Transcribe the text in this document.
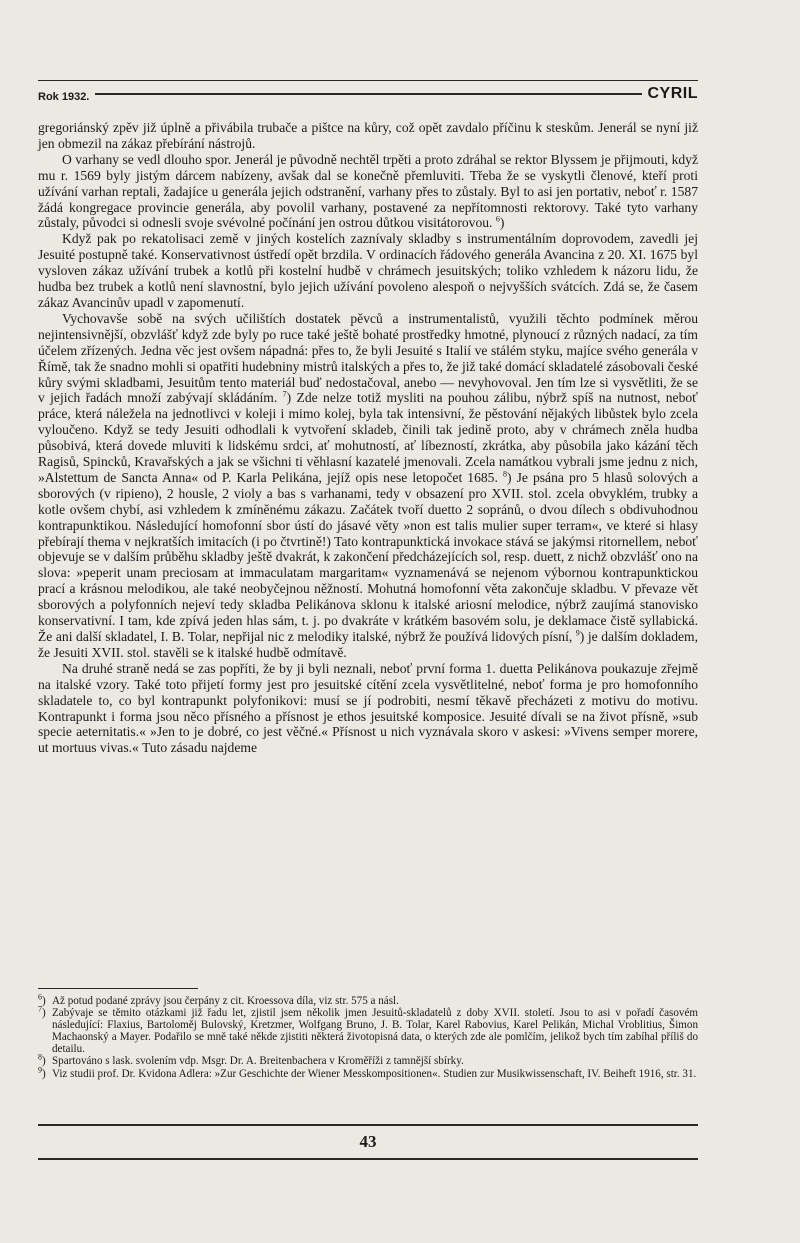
Rok 1932.	CYRIL

gregoriánský zpěv již úplně a přivábila trubače a pištce na kůry, což opět zavdalo příčinu k steskům. Jenerál se nyní již jen obmezil na zákaz přebírání nástrojů.

O varhany se vedl dlouho spor. Jenerál je původně nechtěl trpěti a proto zdráhal se rektor Blyssem je přijmouti, když mu r. 1569 byly jistým dárcem nabízeny, avšak dal se konečně přemluviti. Třeba že se vyskytli členové, kteří proti užívání varhan reptali, žadajíce u generála jejich odstranění, varhany přes to zůstaly. Byl to asi jen portativ, neboť r. 1587 žádá kongregace provincie generála, aby povolil varhany, postavené za nepřítomnosti rektorovy. Také tyto varhany zůstaly, původci si odnesli svoje svévolné počínání jen ostrou důtkou visitátorovou. $^6$)

Když pak po rekatolisaci země v jiných kostelích zaznívaly skladby s instrumentálním doprovodem, zavedli jej Jesuité postupně také. Konservativnost ústředí opět brzdila. V ordinacích řádového generála Avancina z 20. XI. 1675 byl vysloven zákaz užívání trubek a kotlů při kostelní hudbě v chrámech jesuitských; toliko vzhledem k názoru lidu, že hudba bez trubek a kotlů není slavnostní, bylo jejich užívání povoleno alespoň o nejvyšších svátcích. Zdá se, že časem zákaz Avancinův upadl v zapomenutí.

Vychovavše sobě na svých učilištích dostatek pěvců a instrumentalistů, využili těchto podmínek měrou nejintensivnější, obzvlášť když zde byly po ruce také ještě bohaté prostředky hmotné, plynoucí z různých nadací, za tím účelem zřízených. Jedna věc jest ovšem nápadná: přes to, že byli Jesuité s Italií ve stálém styku, majíce svého generála v Římě, tak že snadno mohli si opatřiti hudebniny mistrů italských a přes to, že již také domácí skladatelé zásobovali české kůry svými skladbami, Jesuitům tento materiál buď nedostačoval, anebo — nevyhovoval. Jen tím lze si vysvětliti, že se v jejich řadách množí zabývají skládáním. $^7$) Zde nelze totiž mysliti na pouhou zálibu, nýbrž spíš na nutnost, neboť práce, která náležela na jednotlivci v koleji i mimo kolej, byla tak intensivní, že pěstování nějakých libůstek bylo zcela vyloučeno. Když se tedy Jesuiti odhodlali k vytvoření skladeb, činili tak jedině proto, aby v chrámech zněla hudba působivá, která dovede mluviti k lidskému srdci, ať mohutností, ať líbezností, zkrátka, aby působila jako kázání těch Ragisů, Spincků, Kravařských a jak se všichni ti věhlasní kazatelé jmenovali. Zcela namátkou vybrali jsme jednu z nich, »Alstettum de Sancta Anna« od P. Karla Pelikána, jejíž opis nese letopočet 1685. $^8$) Je psána pro 5 hlasů solových a sborových (v ripieno), 2 housle, 2 violy a bas s varhanami, tedy v obsazení pro XVII. stol. zcela obvyklém, trubky a kotle ovšem chybí, asi vzhledem k zmíněnému zákazu. Začátek tvoří duetto 2 sopránů, o dvou dílech s obdivuhodnou kontrapunktikou. Následující homofonní sbor ústí do jásavé věty »non est talis mulier super terram«, ve které si hlasy přebírají thema v nejkratších imitacích (i po čtvrtině!) Tato kontrapunktická invokace stává se jakýmsi ritornellem, neboť objevuje se v dalším průběhu skladby ještě dvakrát, k zakončení předcházejících sol, resp. duett, z nichž obzvlášť ono na slova: »peperit unam preciosam at immaculatam margaritam« vyznamenává se nejenom výbornou kontrapunktickou prací a krásnou melodikou, ale také neobyčejnou něžností. Mohutná homofonní věta zakončuje skladbu. V převaze vět sborových a polyfonních nejeví tedy skladba Pelikánova sklonu k italské ariosní melodice, nýbrž zaujímá stanovisko konservativní. I tam, kde zpívá jeden hlas sám, t. j. po dvakráte v krátkém basovém solu, je deklamace čistě syllabická. Že ani další skladatel, I. B. Tolar, nepřijal nic z melodiky italské, nýbrž že používá lidových písní, $^9$) je dalším dokladem, že Jesuiti XVII. stol. stavěli se k italské hudbě odmítavě.

Na druhé straně nedá se zas popříti, že by ji byli neznali, neboť první forma 1. duetta Pelikánova poukazuje zřejmě na italské vzory. Také toto přijetí formy jest pro jesuitské cítění zcela vysvětlitelné, neboť forma je pro homofonního skladatele to, co byl kontrapunkt polyfonikovi: musí se jí podrobiti, nesmí těkavě přecházeti z motivu do motivu. Kontrapunkt i forma jsou něco přísného a přísnost je ethos jesuitské komposice. Jesuité dívali se na život přísně, »sub specie aeternitatis.« »Jen to je dobré, co jest věčné.« Přísnost u nich vyznávala skoro v askesi: »Vivens semper morere, ut mortuus vivas.« Tuto zásadu najdeme

$^6$) Až potud podané zprávy jsou čerpány z cit. Kroessova díla, viz str. 575 a násl.

$^7$) Zabývaje se těmito otázkami již řadu let, zjistil jsem několik jmen Jesuitů-skladatelů z doby XVII. století. Jsou to asi v pořadí časovém následující: Flaxius, Bartoloměj Bulovský, Kretzmer, Wolfgang Bruno, J. B. Tolar, Karel Rabovius, Karel Pelikán, Michal Vroblitius, Šimon Machaonský a Mayer. Podařilo se mně také někde zjistiti některá životopisná data, o kterých zde ale pomlčím, jelikož bych tím zabíhal příliš do detailu.

$^8$) Spartováno s lask. svolením vdp. Msgr. Dr. A. Breitenbachera v Kroměříži z tamnější sbírky.

$^9$) Viz studii prof. Dr. Kvidona Adlera: »Zur Geschichte der Wiener Messkompositionen«. Studien zur Musikwissenschaft, IV. Beiheft 1916, str. 31.

43
